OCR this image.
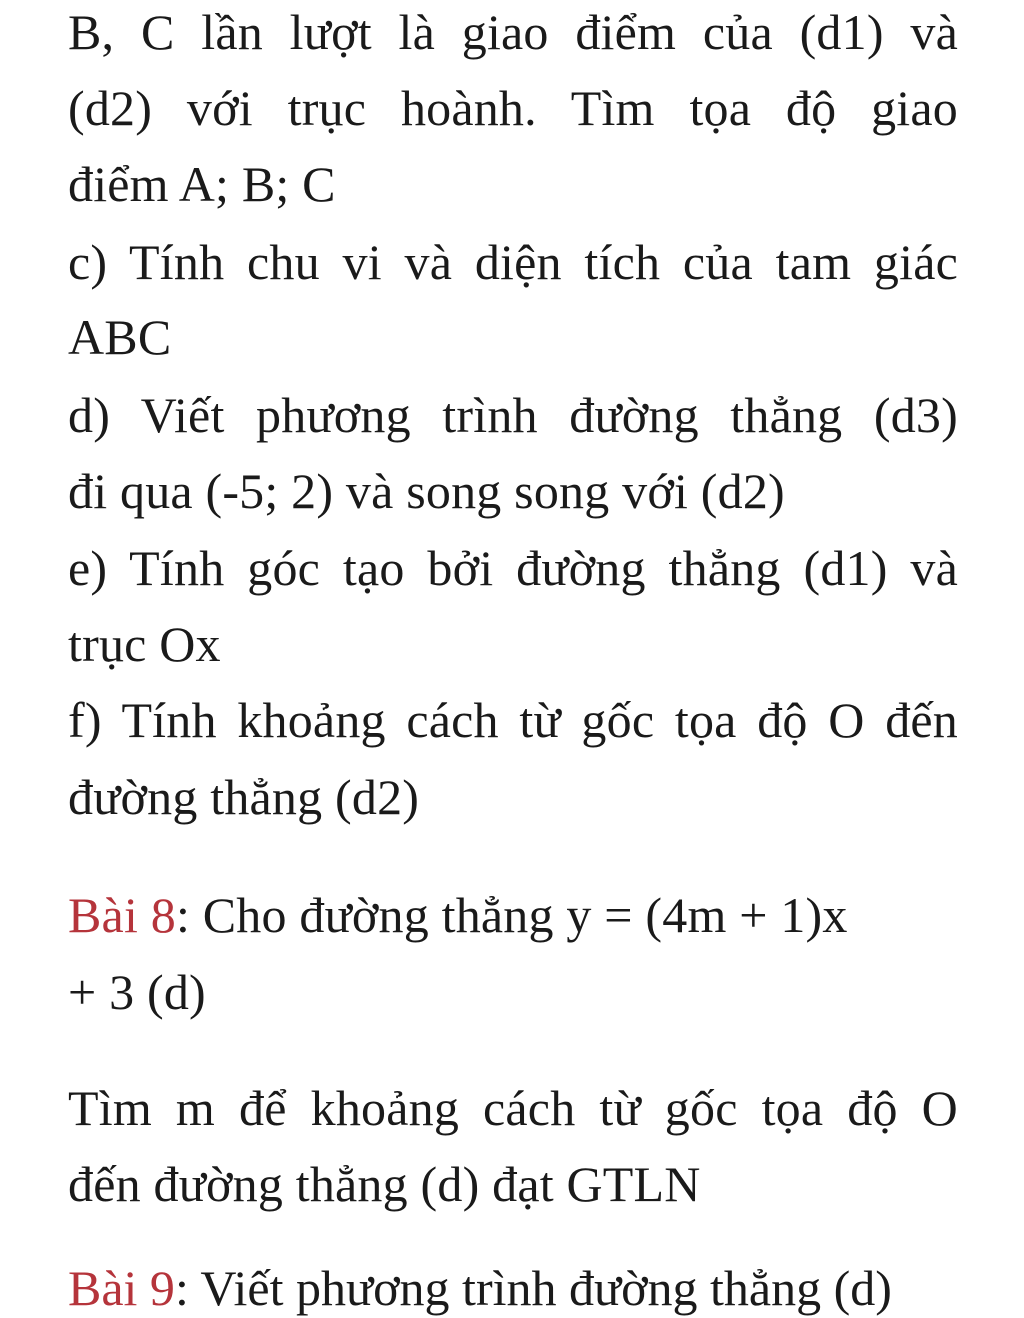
B, C lần lượt là giao điểm của (d1) và
(d2) với trục hoành. Tìm tọa độ giao
điểm A; B; C
c) Tính chu vi và diện tích của tam giác
ABC
d) Viết phương trình đường thẳng (d3)
đi qua (-5; 2) và song song với (d2)
e) Tính góc tạo bởi đường thẳng (d1) và
trục Ox
f) Tính khoảng cách từ gốc tọa độ O đến
đường thẳng (d2)
Bài 8: Cho đường thẳng y = (4m + 1)x
+ 3 (d)
Tìm m để khoảng cách từ gốc tọa độ O
đến đường thẳng (d) đạt GTLN
Bài 9: Viết phương trình đường thẳng (d)
